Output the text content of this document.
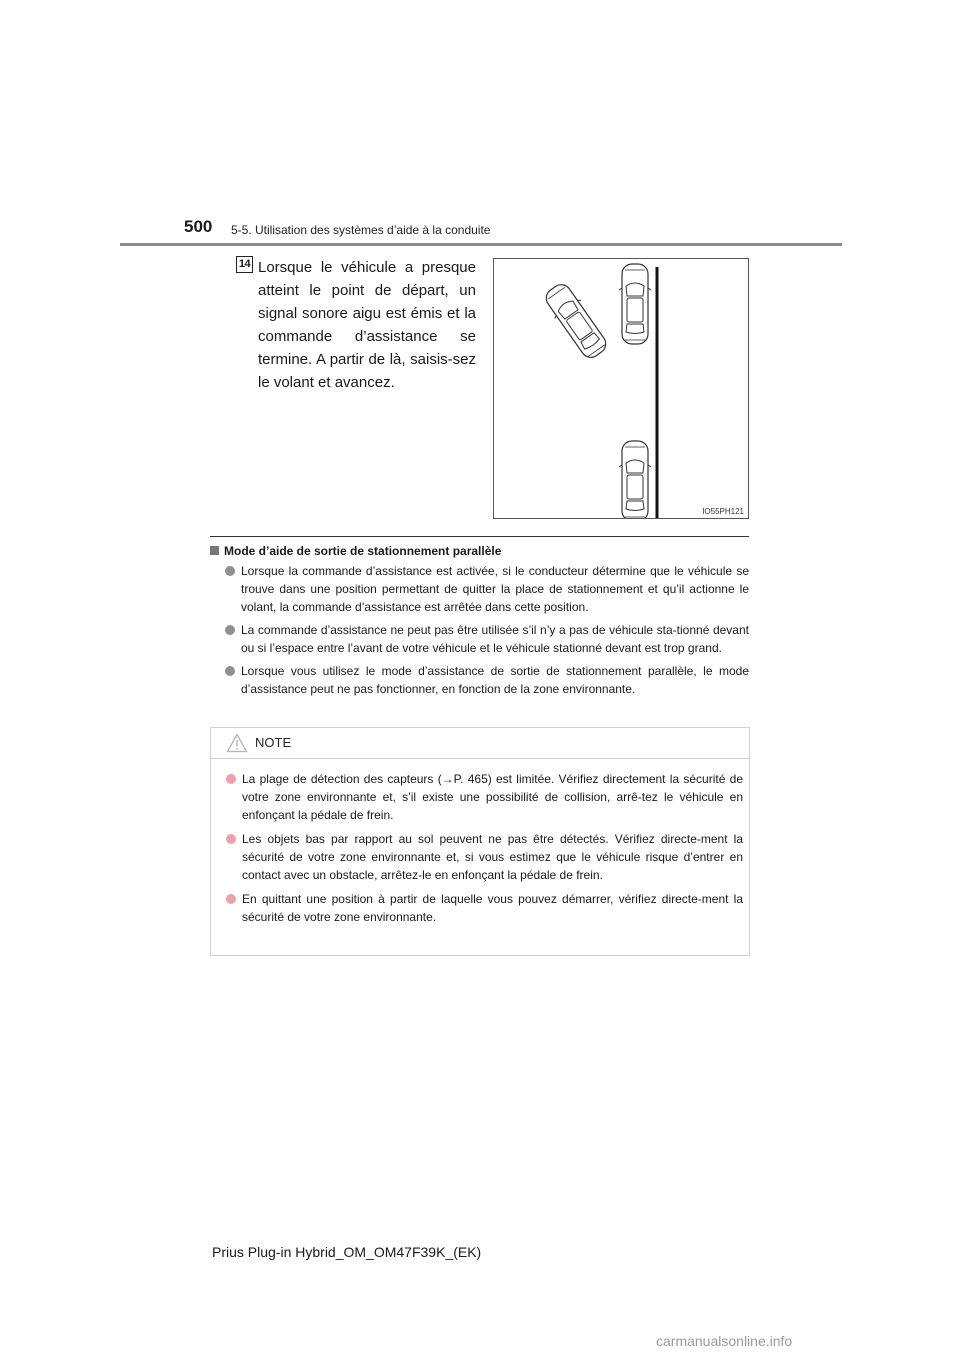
500 5-5. Utilisation des systèmes d’aide à la conduite
14 Lorsque le véhicule a presque atteint le point de départ, un signal sonore aigu est émis et la commande d’assistance se termine. A partir de là, saisis-sez le volant et avancez.
IO55PH121
Mode d’aide de sortie de stationnement parallèle
Lorsque la commande d’assistance est activée, si le conducteur détermine que le véhicule se trouve dans une position permettant de quitter la place de stationnement et qu’il actionne le volant, la commande d’assistance est arrêtée dans cette position.
La commande d’assistance ne peut pas être utilisée s’il n’y a pas de véhicule sta-tionné devant ou si l’espace entre l’avant de votre véhicule et le véhicule stationné devant est trop grand.
Lorsque vous utilisez le mode d’assistance de sortie de stationnement parallèle, le mode d’assistance peut ne pas fonctionner, en fonction de la zone environnante.
NOTE
La plage de détection des capteurs (→P. 465) est limitée. Vérifiez directement la sécurité de votre zone environnante et, s’il existe une possibilité de collision, arrê-tez le véhicule en enfonçant la pédale de frein.
Les objets bas par rapport au sol peuvent ne pas être détectés. Vérifiez directe-ment la sécurité de votre zone environnante et, si vous estimez que le véhicule risque d’entrer en contact avec un obstacle, arrêtez-le en enfonçant la pédale de frein.
En quittant une position à partir de laquelle vous pouvez démarrer, vérifiez directe-ment la sécurité de votre zone environnante.
Prius Plug-in Hybrid_OM_OM47F39K_(EK)
carmanualsonline.info
